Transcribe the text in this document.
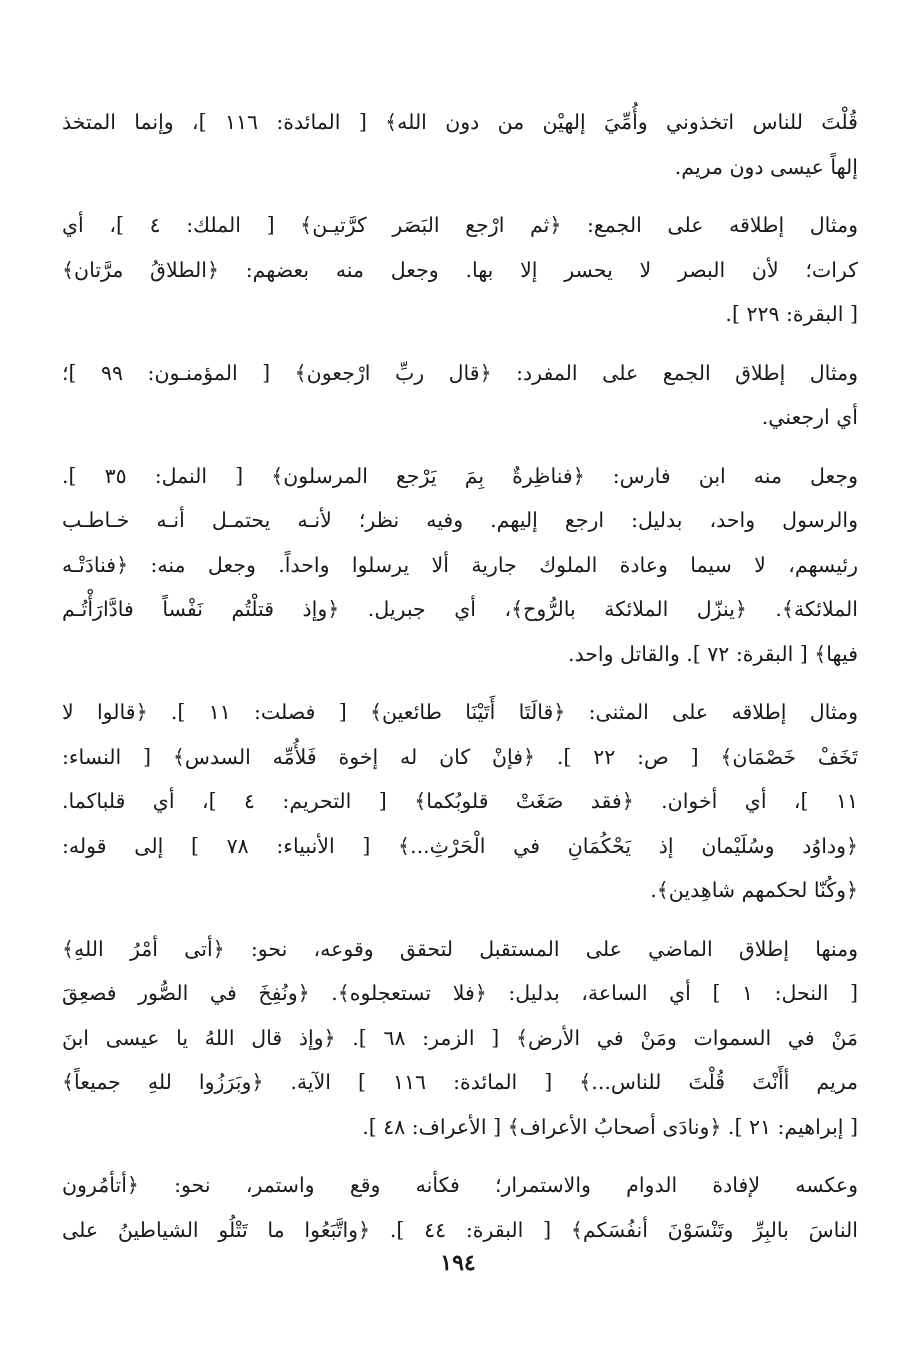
قُلْتَ للناس اتخذوني وأُمِّيَ إلهيْن من دون الله﴾ [ المائدة: ١١٦ ]، وإنما المتخذ
إلهاً عيسى دون مريم.
ومثال إطلاقه على الجمع: ﴿ثم ارْجع البَصَر كرَّتيـن﴾ [ الملك: ٤ ]، أي
كرات؛ لأن البصر لا يحسر إلا بها. وجعل منه بعضهم: ﴿الطلاقُ مرَّتان﴾
[ البقرة: ٢٢٩ ].
ومثال إطلاق الجمع على المفرد: ﴿قال ربِّ ارْجعون﴾ [ المؤمنـون: ٩٩ ]؛
أي ارجعني.
وجعل منه ابن فارس: ﴿فناظِرةٌ بِمَ يَرْجع المرسلون﴾ [ النمل: ٣٥ ].
والرسول واحد، بدليل: ارجع إليهم. وفيه نظر؛ لأنـه يحتمـل أنـه خـاطـب
رئيسهم، لا سيما وعادة الملوك جارية ألا يرسلوا واحداً. وجعل منه: ﴿فنادَتْـه
الملائكة﴾. ﴿ينزّل الملائكة بالرُّوح﴾، أي جبريل. ﴿وإذ قتلْتُم نَفْساً فادَّارَأْتُـم
فيها﴾ [ البقرة: ٧٢ ]. والقاتل واحد.
ومثال إطلاقه على المثنى: ﴿قالَتَا أَتَيْنَا طائعين﴾ [ فصلت: ١١ ]. ﴿قالوا لا
تَخَفْ خَصْمَان﴾ [ ص: ٢٢ ]. ﴿فإنْ كان له إخوة فَلأُمِّه السدس﴾ [ النساء:
١١ ]، أي أخوان. ﴿فقد صَغَتْ قلوبُكما﴾ [ التحريم: ٤ ]، أي قلباكما.
﴿وداوُد وسُلَيْمان إذ يَحْكُمَانِ في الْحَرْثِ...﴾ [ الأنبياء: ٧٨ ] إلى قوله:
﴿وكُنّا لحكمهم شاهِدين﴾.
ومنها إطلاق الماضي على المستقبل لتحقق وقوعه، نحو: ﴿أتى أمْرُ اللهِ﴾
[ النحل: ١ ] أي الساعة، بدليل: ﴿فلا تستعجلوه﴾. ﴿ونُفِخَ في الصُّور فصعِقَ
مَنْ في السموات ومَنْ في الأرض﴾ [ الزمر: ٦٨ ]. ﴿وإذ قال اللهُ يا عيسى ابنَ
مريم أأَنْتَ قُلْتَ للناس...﴾ [ المائدة: ١١٦ ] الآية. ﴿وبَرَزُوا للهِ جميعاً﴾
[ إبراهيم: ٢١ ]. ﴿ونادَى أصحابُ الأعراف﴾ [ الأعراف: ٤٨ ].
وعكسه لإفادة الدوام والاستمرار؛ فكأنه وقع واستمر، نحو: ﴿أتأمُرون
الناسَ بالبِرِّ وتَنْسَوْنَ أنفُسَكم﴾ [ البقرة: ٤٤ ]. ﴿واتَّبَعُوا ما تَتْلُو الشياطينُ على
١٩٤
